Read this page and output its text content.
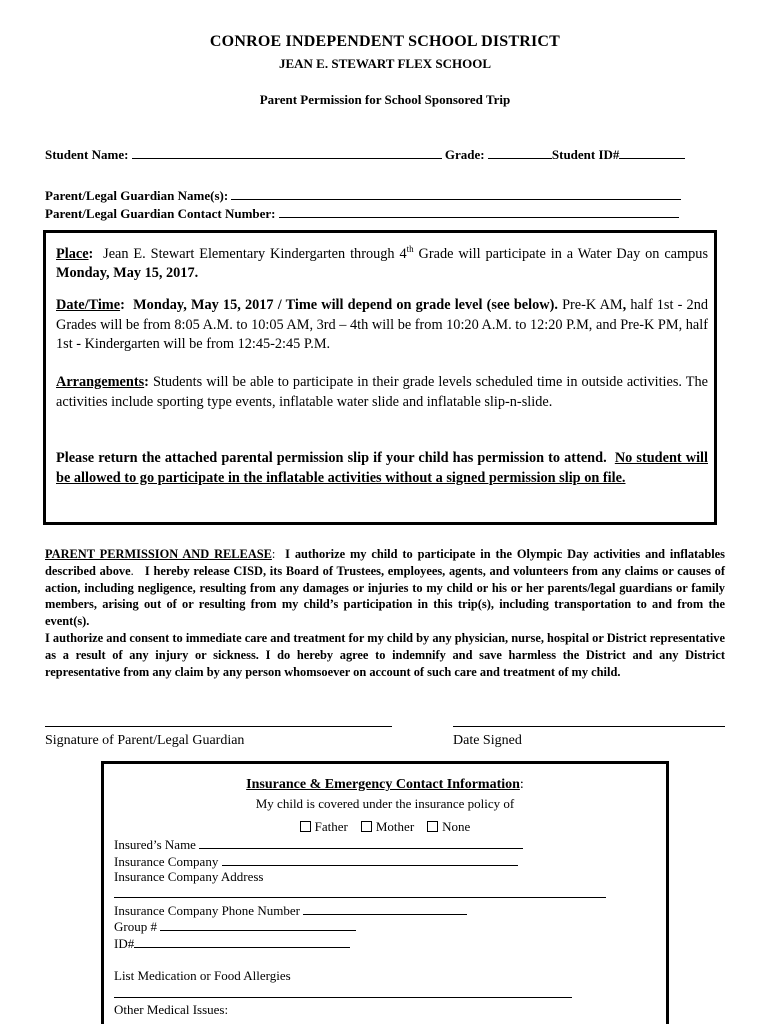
CONROE INDEPENDENT SCHOOL DISTRICT
JEAN E. STEWART FLEX SCHOOL
Parent Permission for School Sponsored Trip
Student Name:	Grade:	Student ID#
Parent/Legal Guardian Name(s):
Parent/Legal Guardian Contact Number:

Place: Jean E. Stewart Elementary Kindergarten through 4th Grade will participate in a Water Day on campus Monday, May 15, 2017.

Date/Time: Monday, May 15, 2017 / Time will depend on grade level (see below). Pre-K AM, half 1st - 2nd Grades will be from 8:05 A.M. to 10:05 AM, 3rd – 4th will be from 10:20 A.M. to 12:20 P.M, and Pre-K PM, half 1st - Kindergarten will be from 12:45-2:45 P.M.

Arrangements: Students will be able to participate in their grade levels scheduled time in outside activities. The activities include sporting type events, inflatable water slide and inflatable slip-n-slide.

Please return the attached parental permission slip if your child has permission to attend. No student will be allowed to go participate in the inflatable activities without a signed permission slip on file.

PARENT PERMISSION AND RELEASE: I authorize my child to participate in the Olympic Day activities and inflatables described above. I hereby release CISD, its Board of Trustees, employees, agents, and volunteers from any claims or causes of action, including negligence, resulting from any damages or injuries to my child or his or her parents/legal guardians or family members, arising out of or resulting from my child’s participation in this trip(s), including transportation to and from the event(s).
I authorize and consent to immediate care and treatment for my child by any physician, nurse, hospital or District representative as a result of any injury or sickness. I do hereby agree to indemnify and save harmless the District and any District representative from any claim by any person whomsoever on account of such care and treatment of my child.
Signature of Parent/Legal Guardian	Date Signed
Insurance & Emergency Contact Information:
My child is covered under the insurance policy of
Father Mother None
Insured’s Name
Insurance Company
Insurance Company Address
Insurance Company Phone Number
Group #
ID#
List Medication or Food Allergies
Other Medical Issues:
